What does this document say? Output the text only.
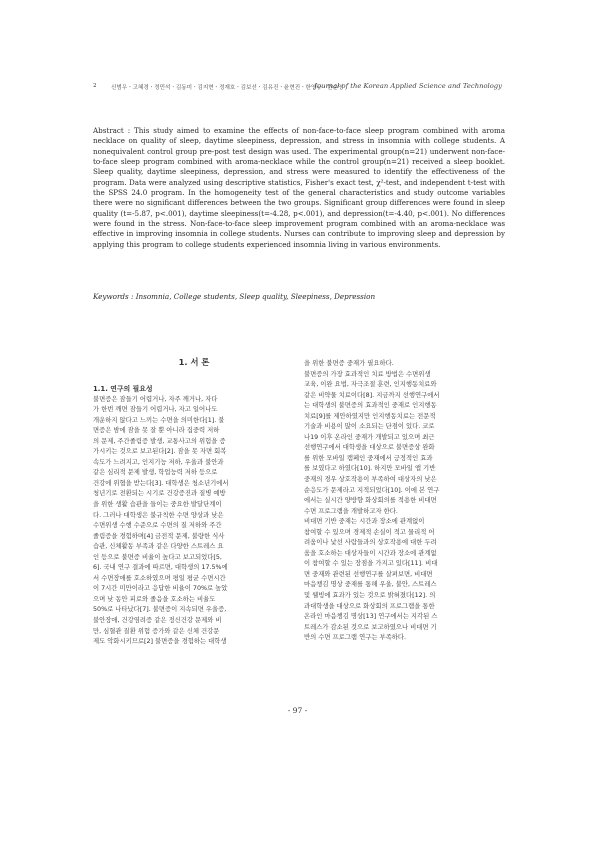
2	신범우ㆍ고혜경ㆍ정민석ㆍ김동미ㆍ김지현ㆍ정재호ㆍ김보선ㆍ김유진ㆍ윤현진ㆍ한영규ㆍ한순영
Journal of the Korean Applied Science and Technology

Abstract : This study aimed to examine the effects of non-face-to-face sleep program combined with aroma necklace on quality of sleep, daytime sleepiness, depression, and stress in insomnia with college students. A nonequivalent control group pre-post test design was used. The experimental group(n=21) underwent non-face-to-face sleep program combined with aroma-necklace while the control group(n=21) received a sleep booklet. Sleep quality, daytime sleepiness, depression, and stress were measured to identify the effectiveness of the program. Data were analyzed using descriptive statistics, Fisher's exact test, χ²-test, and independent t-test with the SPSS 24.0 program. In the homogeneity test of the general characteristics and study outcome variables there were no significant differences between the two groups. Significant group differences were found in sleep quality (t=-5.87, p<.001), daytime sleepiness(t=-4.28, p<.001), and depression(t=-4.40, p<.001). No differences were found in the stress. Non-face-to-face sleep improvement program combined with an aroma-necklace was effective in improving insomnia in college students. Nurses can contribute to improving sleep and depression by applying this program to college students experienced insomnia living in various environments.

Keywords : Insomnia, College students, Sleep quality, Sleepiness, Depression
1. 서 론
1.1. 연구의 필요성
불면증은 잠들기 어렵거나, 자주 깨거나, 자다
가 한번 깨면 잠들기 어렵거나, 자고 일어나도
개운하지 않다고 느끼는 수면을 의미한다[1]. 불
면증은 밤에 잠을 못 잘 뿐 아니라 집중력 저하
의 문제, 주간졸림증 발생, 교통사고의 위험을 증
가시키는 것으로 보고된다[2]. 잠을 못 자면 회복
속도가 느려지고, 인지기능 저하, 우울과 불안과
같은 심리적 문제 발생, 학업능력 저하 등으로
건강에 위협을 받는다[3]. 대학생은 청소년기에서
청년기로 전환되는 시기로 건강증진과 질병 예방
을 위한 생활 습관을 들이는 중요한 발달단계이
다. 그러나 대학생은 불규칙한 수면 양상과 낮은
수면위생 수행 수준으로 수면의 질 저하와 주간
졸림증을 경험하며[4] 금전적 문제, 불량한 식사
습관, 신체활동 부족과 같은 다양한 스트레스 요
인 등으로 불면증 비율이 높다고 보고되었다[5,
6]. 국내 연구 결과에 따르면, 대학생의 17.5%에
서 수면장애를 호소하였으며 평일 평균 수면시간
이 7시간 미만이라고 응답한 비율이 70%로 높았
으며 낮 동안 피로와 졸음을 호소하는 비율도
50%로 나타났다[7]. 불면증이 지속되면 우울증,
불안장애, 건강염려증 같은 정신건강 문제와 비
만, 심혈관 질환 위험 증가와 같은 신체 건강문
제도 악화시키므로[2] 불면증을 경험하는 대학생
을 위한 불면증 중재가 필요하다.
불면증의 가장 효과적인 치료 방법은 수면위생
교육, 이완 요법, 자극조절 훈련, 인지행동치료와
같은 비약물 치료이다[8]. 지금까지 선행연구에서
는 대학생의 불면증의 효과적인 중재로 인지행동
치료[9]를 제안하였지만 인지행동치료는 전문적
기술과 비용이 많이 소요되는 단점이 있다. 코로
나19 이후 온라인 중재가 개발되고 있으며 최근
선행연구에서 대학생을 대상으로 불면증상 완화
를 위한 모바일 캠페인 중재에서 긍정적인 효과
를 보였다고 하였다[10]. 하지만 모바일 앱 기반
중재의 경우 상호작용이 부족하여 대상자의 낮은
순응도가 문제라고 지적되었다[10]. 이에 본 연구
에서는 실시간 양방향 화상회의를 적용한 비대면
수면 프로그램을 개발하고자 한다.
비대면 기반 중재는 시간과 장소에 관계없이
참여할 수 있으며 경제적 손실이 적고 물리적 어
려움이나 낯선 사람들과의 상호작용에 대한 두려
움을 호소하는 대상자들이 시간과 장소에 관계없
이 참여할 수 있는 장점을 가지고 있다[11]. 비대
면 중재와 관련된 선행연구를 살펴보면, 비대면
마음챙김 명상 중재를 통해 우울, 불안, 스트레스
및 웰빙에 효과가 있는 것으로 밝혀졌다[12]. 의
과대학생을 대상으로 화상회의 프로그램을 통한
온라인 마음챙김 명상[13] 연구에서는 지각된 스
트레스가 감소된 것으로 보고하였으나 비대면 기
반의 수면 프로그램 연구는 부족하다.
- 97 -
